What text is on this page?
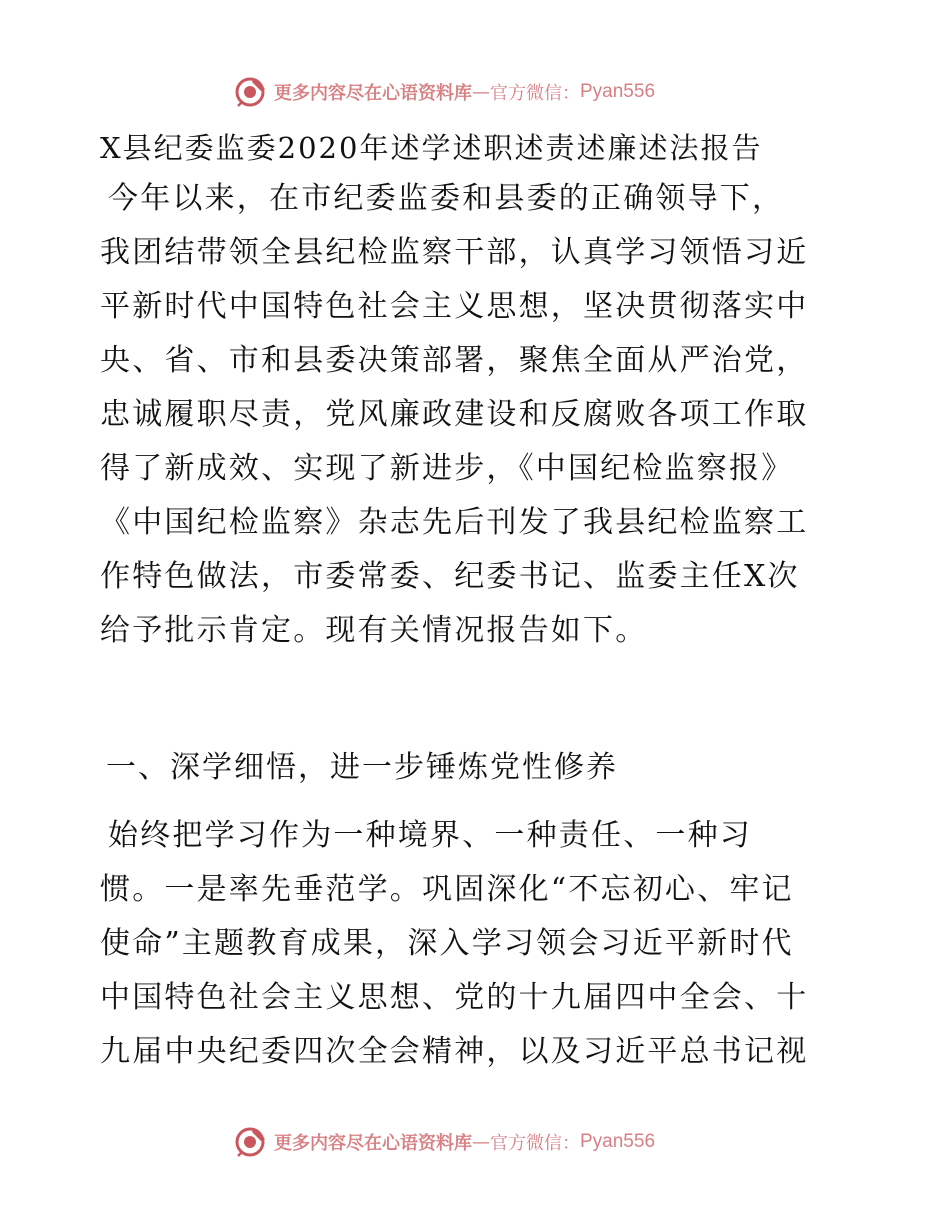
更多内容尽在心语资料库 — 官方微信： Pyan556
X县纪委监委2020年述学述职述责述廉述法报告
今年以来，在市纪委监委和县委的正确领导下，
我团结带领全县纪检监察干部，认真学习领悟习近
平新时代中国特色社会主义思想，坚决贯彻落实中
央、省、市和县委决策部署，聚焦全面从严治党，
忠诚履职尽责，党风廉政建设和反腐败各项工作取
得了新成效、实现了新进步，《中国纪检监察报》
《中国纪检监察》杂志先后刊发了我县纪检监察工
作特色做法，市委常委、纪委书记、监委主任X次
给予批示肯定。现有关情况报告如下。
一、深学细悟，进一步锤炼党性修养
始终把学习作为一种境界、一种责任、一种习
惯。一是率先垂范学。巩固深化“不忘初心、牢记
使命”主题教育成果，深入学习领会习近平新时代
中国特色社会主义思想、党的十九届四中全会、十
九届中央纪委四次全会精神，以及习近平总书记视
更多内容尽在心语资料库 — 官方微信： Pyan556
